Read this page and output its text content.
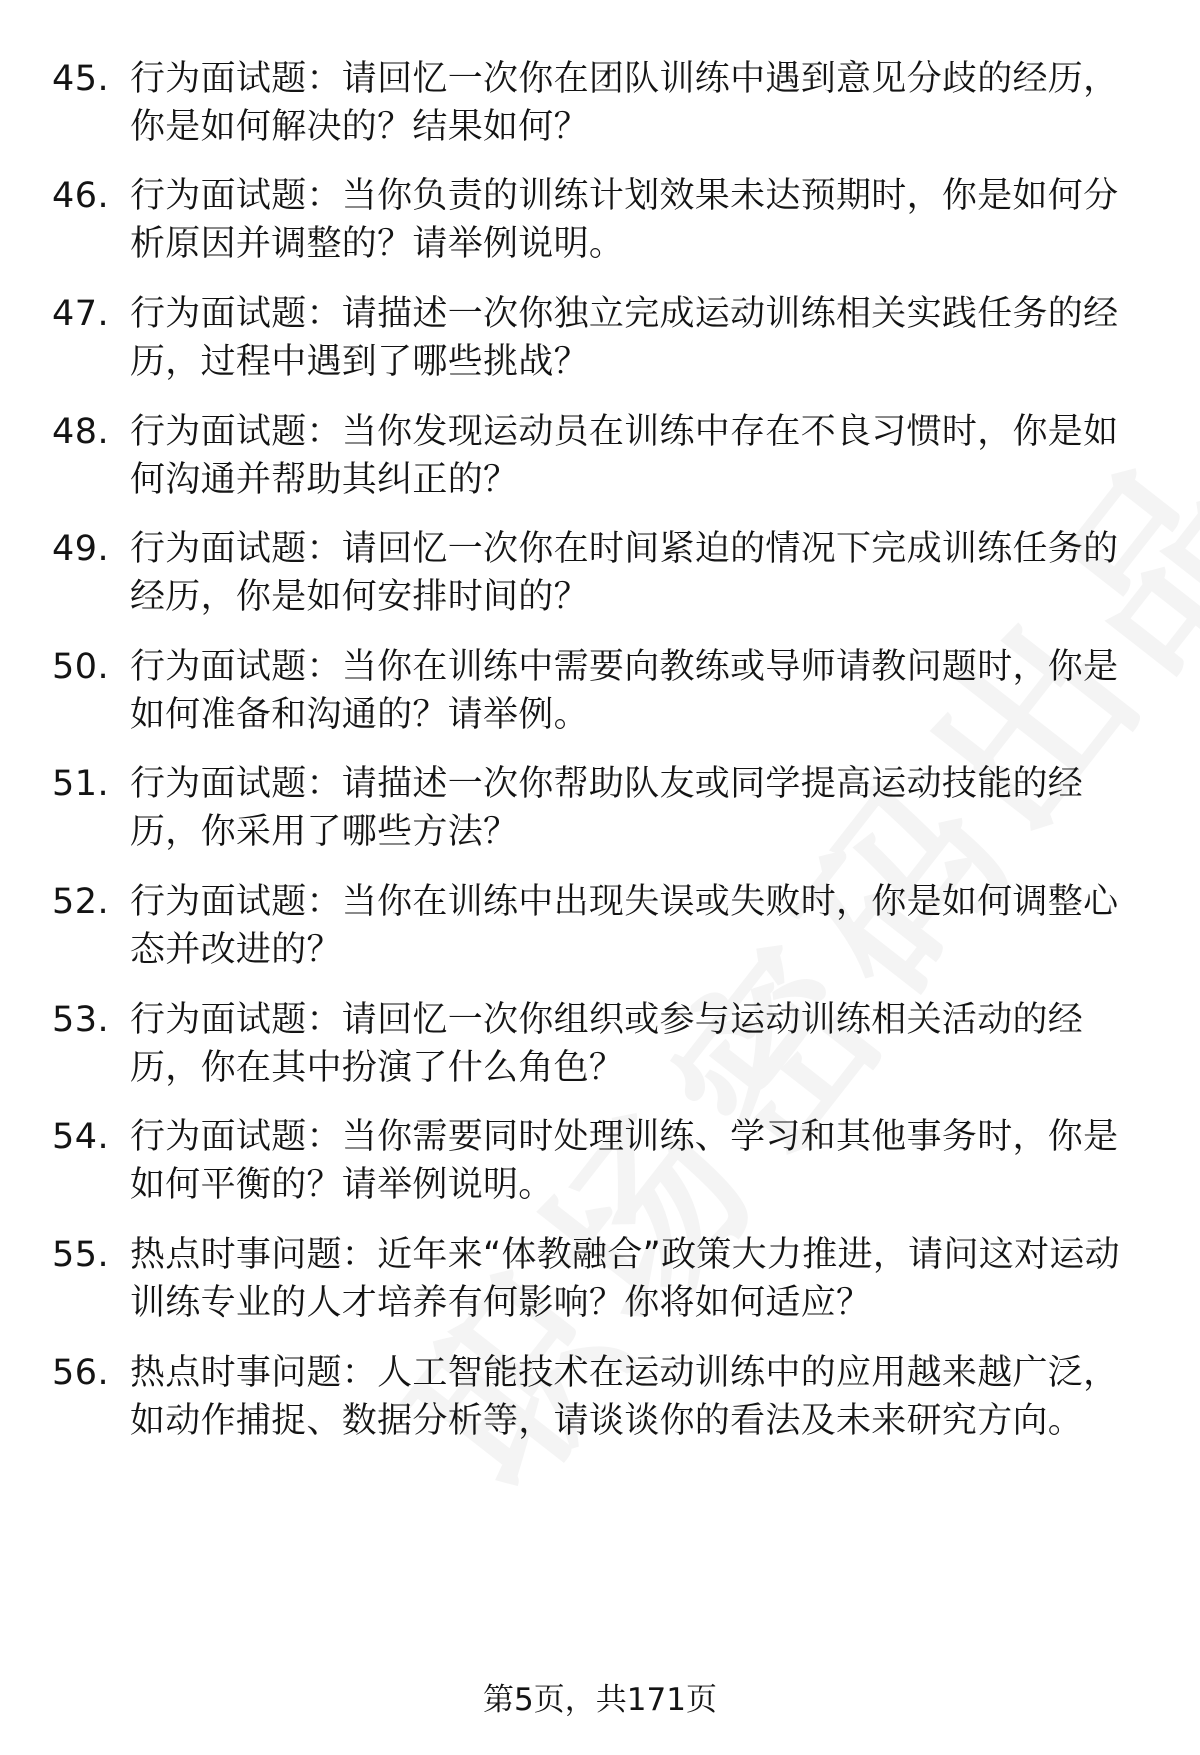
45. 行为面试题：请回忆一次你在团队训练中遇到意见分歧的经历，你是如何解决的？结果如何？
46. 行为面试题：当你负责的训练计划效果未达预期时，你是如何分析原因并调整的？请举例说明。
47. 行为面试题：请描述一次你独立完成运动训练相关实践任务的经历，过程中遇到了哪些挑战？
48. 行为面试题：当你发现运动员在训练中存在不良习惯时，你是如何沟通并帮助其纠正的？
49. 行为面试题：请回忆一次你在时间紧迫的情况下完成训练任务的经历，你是如何安排时间的？
50. 行为面试题：当你在训练中需要向教练或导师请教问题时，你是如何准备和沟通的？请举例。
51. 行为面试题：请描述一次你帮助队友或同学提高运动技能的经历，你采用了哪些方法？
52. 行为面试题：当你在训练中出现失误或失败时，你是如何调整心态并改进的？
53. 行为面试题：请回忆一次你组织或参与运动训练相关活动的经历，你在其中扮演了什么角色？
54. 行为面试题：当你需要同时处理训练、学习和其他事务时，你是如何平衡的？请举例说明。
55. 热点时事问题：近年来“体教融合”政策大力推进，请问这对运动训练专业的人才培养有何影响？你将如何适应？
56. 热点时事问题：人工智能技术在运动训练中的应用越来越广泛，如动作捕捉、数据分析等，请谈谈你的看法及未来研究方向。
第5页，共171页
